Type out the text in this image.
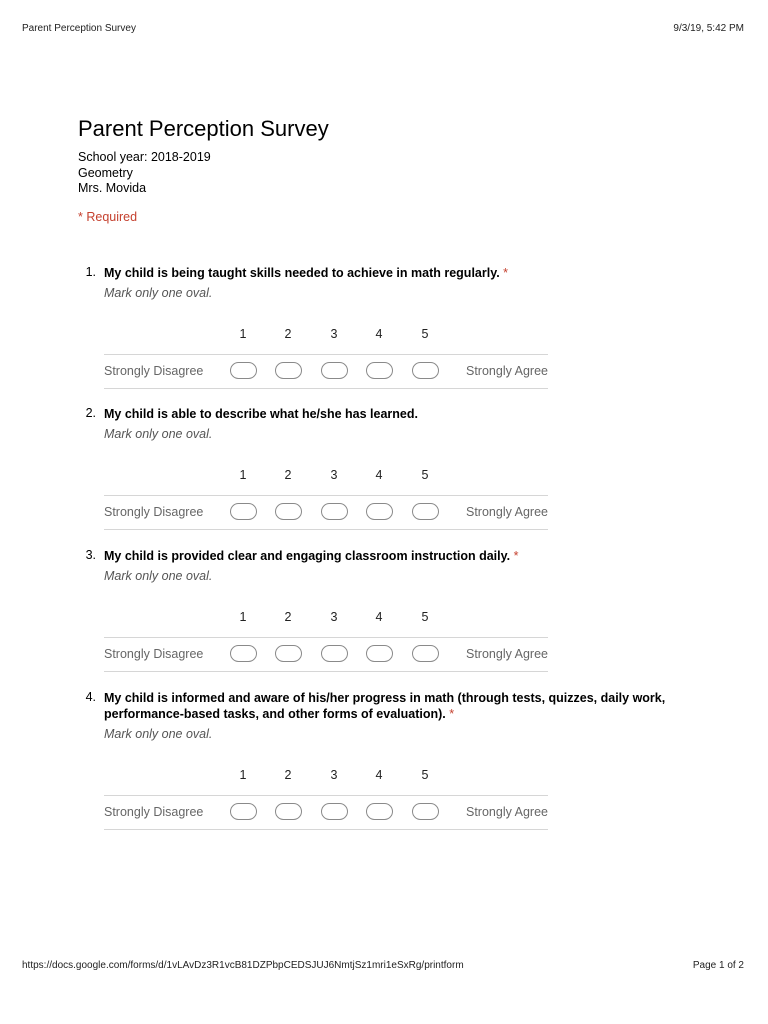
Parent Perception Survey	9/3/19, 5:42 PM
Parent Perception Survey
School year: 2018-2019
Geometry
Mrs. Movida
* Required
1. My child is being taught skills needed to achieve in math regularly. *
Mark only one oval.
1	2	3	4	5
Strongly Disagree	Strongly Agree
2. My child is able to describe what he/she has learned.
Mark only one oval.
1	2	3	4	5
Strongly Disagree	Strongly Agree
3. My child is provided clear and engaging classroom instruction daily. *
Mark only one oval.
1	2	3	4	5
Strongly Disagree	Strongly Agree
4. My child is informed and aware of his/her progress in math (through tests, quizzes, daily work, performance-based tasks, and other forms of evaluation). *
Mark only one oval.
1	2	3	4	5
Strongly Disagree	Strongly Agree
https://docs.google.com/forms/d/1vLAvDz3R1vcB81DZPbpCEDSJUJ6NmtjSz1mri1eSxRg/printform	Page 1 of 2
